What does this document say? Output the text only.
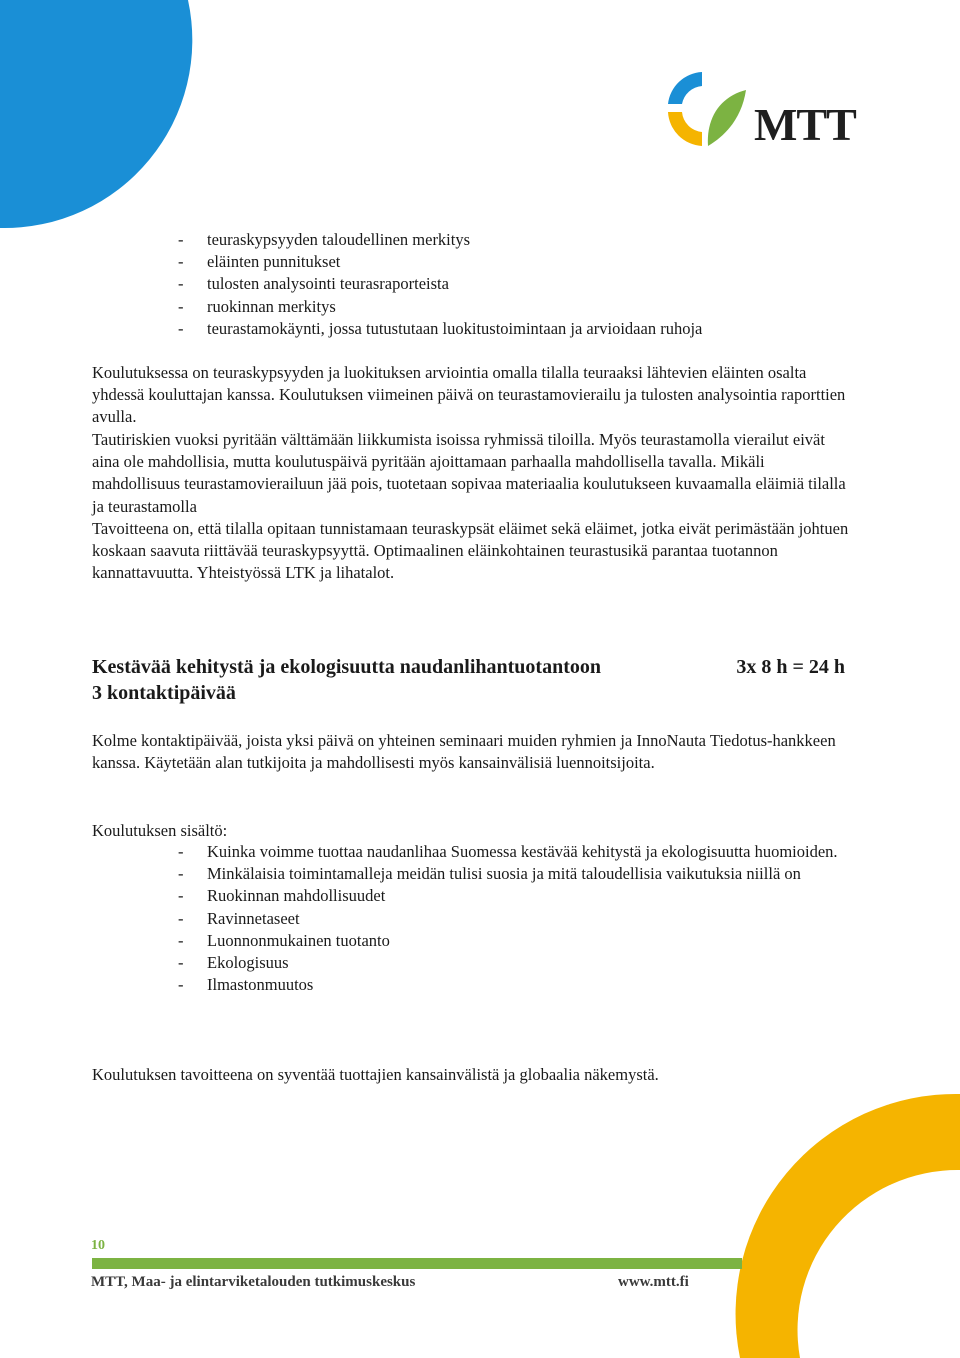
MTT
-	teuraskypsyyden taloudellinen merkitys
-	eläinten punnitukset
-	tulosten analysointi teurasraporteista
-	ruokinnan merkitys
-	teurastamokäynti, jossa tutustutaan luokitustoimintaan ja arvioidaan ruhoja

Koulutuksessa on teuraskypsyyden ja luokituksen arviointia omalla tilalla teuraaksi lähtevien eläinten osalta yhdessä kouluttajan kanssa. Koulutuksen viimeinen päivä on teurastamovierailu ja tulosten analysointia raporttien avulla.

Tautiriskien vuoksi pyritään välttämään liikkumista isoissa ryhmissä tiloilla. Myös teurastamolla vierailut eivät aina ole mahdollisia, mutta koulutuspäivä pyritään ajoittamaan parhaalla mahdollisella tavalla. Mikäli mahdollisuus teurastamovierailuun jää pois, tuotetaan sopivaa materiaalia koulutukseen kuvaamalla eläimiä tilalla ja teurastamolla

Tavoitteena on, että tilalla opitaan tunnistamaan teuraskypsät eläimet sekä eläimet, jotka eivät perimästään johtuen koskaan saavuta riittävää teuraskypsyyttä. Optimaalinen eläinkohtainen teurastusikä parantaa tuotannon kannattavuutta. Yhteistyössä LTK ja lihatalot.

Kestävää kehitystä ja ekologisuutta naudanlihantuotantoon	3x 8 h = 24 h

3 kontaktipäivää

Kolme kontaktipäivää, joista yksi päivä on yhteinen seminaari muiden ryhmien ja InnoNauta Tiedotus-hankkeen kanssa. Käytetään alan tutkijoita ja mahdollisesti myös kansainvälisiä luennoitsijoita.

Koulutuksen sisältö:

-	Kuinka voimme tuottaa naudanlihaa Suomessa kestävää kehitystä ja ekologisuutta huomioiden.
-	Minkälaisia toimintamalleja meidän tulisi suosia ja mitä taloudellisia vaikutuksia niillä on
-	Ruokinnan mahdollisuudet
-	Ravinnetaseet
-	Luonnonmukainen tuotanto
-	Ekologisuus
-	Ilmastonmuutos

Koulutuksen tavoitteena on syventää tuottajien kansainvälistä ja globaalia näkemystä.

10
MTT, Maa- ja elintarviketalouden tutkimuskeskus	www.mtt.fi
